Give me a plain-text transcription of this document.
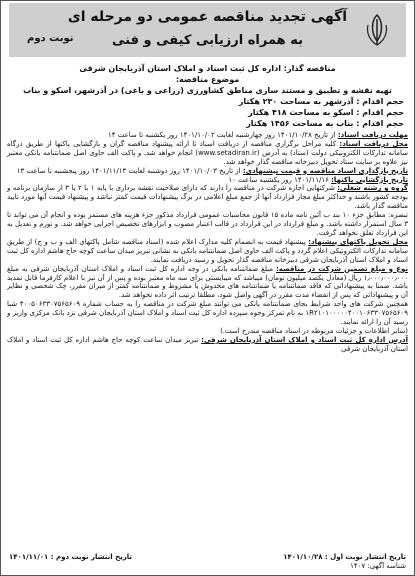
آگهی تجدید مناقصه عمومی دو مرحله ای
به همراه ارزیابی کیفی و فنی
نوبت دوم
مناقصه گذار: اداره کل ثبت اسناد و املاک استان آذربایجان شرقی
موضوع مناقصه:
تهیه نقشه و تطبیق و مستند سازی مناطق کشاورزی (زراعی و باغی) در آذرشهر، اسکو و بناب
حجم اقدام : آذرشهر به مساحت ۲۳۰ هکتار
حجم اقدام : اسکو به مساحت ۴۱۸ هکتار
حجم اقدام : بناب به مساحت ۱۴۵۶ هکتار

مهلت دریافت اسناد: از تاریخ ۱۴۰۱/۱۰/۲۸ روز چهارشنبه لغایت ۱۴۰۱/۱۰/۰۲ روز یکشنبه تا ساعت ۱۴

محل دریافت اسناد: کلیه مراحل برگزاری مناقصه از دریافت اسناد تا ارائه پیشنهاد مناقصه گران و بازگشایی پاکتها از طریق درگاه سامانه تدارکات الکترونیکی دولت (ستاد) به آدرس (www.setadiran.ir) انجام خواهد شد. و پاکت الف حاوی اصل ضمانتنامه بانکی معتبر نیز علاوه بر سایت ستاد تحویل دبیرخانه مناقصه گذار خواهد شد.

تاریخ بازگذاری اسناد مناقصه و قیمت پیشنهادی: از تاریخ ۱۴۰۱/۱۰/۰۳ روز دوشنبه لغایت ۱۴۰۱/۱۱/۱۳ روز پنجشنبه تا ساعت ۱۳

تاریخ بازگشایی پاکتها: ۱۴۰۱/۱۱/۱۶ روز یکشنبه ساعت ۱۰

گروه و رشته شغلی: شرکتهایی اجازه شرکت در مناقصه را دارند که دارای صلاحیت نقشه برداری با پایه ۱ یا ۲ یا ۳ از سازمان برنامه و بودجه کشور باشند و حداکثر مبلغ مجاز قرارداد آنها از جمع مبلغ اعلامی در برگ پیشنهادات قیمت کمتر نباشد و پیشنهاد قیمت آنها مورد تایید مناقصه گذار باشد.

تبصره: مطابق جزء ۱۰ بند ب آئین نامه ماده ۱۵ قانون محاسبات عمومی قرارداد مذکور جزء هزینه های مستمر بوده و انجام آن می تواند تا ۳ سال استمرار داشته باشد. و مبلغ قرارداد در این قرارداد در قالب اعتبار مصوب و ابزارهای تخصیص اجرایی خواهد شد. و تورم و تعدیل به این قرارداد تعلق نخواهد گرفت.

محل تحویل پاکتهای پیشنهاد: پیشنهاد قیمت به انضمام کلیه مدارک اعلام شده (اسناد مناقصه شامل پاکتهای الف و ب و ج) از طریق سامانه تدارکات الکترونیکی اعلام گردد و پاکت الف حاوی اصل ضمانتنامه بانکی به نشانی تبریز میدان ساعت کوچه حاج هاشم اداره کل ثبت اسناد و املاک استان آذربایجان شرقی دبیرخانه مناقصه گذار تحویل و رسید دریافت نمایند.

نوع و مبلغ تضمین شرکت در مناقصه: مبلغ ضمانتنامه بانکی در وجه اداره کل ثبت اسناد و املاک استان آذربایجان شرقی به مبلغ ۱٫۰۰۰٫۰۰۰٫۰۰۰ ریال (معادل یکصد میلیون تومان) میباشد که میبایستی برای سه ماه معتبر بوده و پس از آن نیز با اعلام کارفرما قابل تمدید باشد. ضمنا به پیشنهاداتی که فاقد ضمانتنامه یا ضمانتنامه های مخدوش یا مشروط و ضمانتنامه کمتر از میزان مقرر، چک شخصی و نظایر آن و پیشنهاداتی که پس از انقضاء مدت مقرر در آگهی واصل شود، مطلقا ترتیب اثر داده نخواهد شد.

همچنین شرکت های واجد شرایط بجای ضمانتنامه بانکی می توانند مبلغ شرکت در مناقصه را به حساب شماره ۴۰۰۵۰۶۳۳۰۷۵۶۵۶۰۹ شبا ۱R۲۱۰۱۰۰۰۰۰۴۰۰۱۰۶۳۳۰۷۵۶۵۶۰۹ به نام تمرکز وجوه سپرده اداره کل ثبت اسناد و املاک استان آذربایجان شرقی نزد بانک مرکزی واریز و رسید آن را ارائه نمایند.

(سایر اطلاعات و جزئیات مربوطه در اسناد مناقصه مندرج است.)

آدرس اداره کل ثبت اسناد و املاک استان آذربایجان شرقی: تبریز میدان ساعت کوچه حاج هاشم اداره کل ثبت اسناد و املاک استان آذربایجان شرقی

تاریخ انتشار نوبت اول : ۱۴۰۱/۱۰/۲۸
تاریخ انتشار نوبت دوم : ۱۴۰۱/۱۱/۰۱
شناسه آگهی: ۱۴۰۷
